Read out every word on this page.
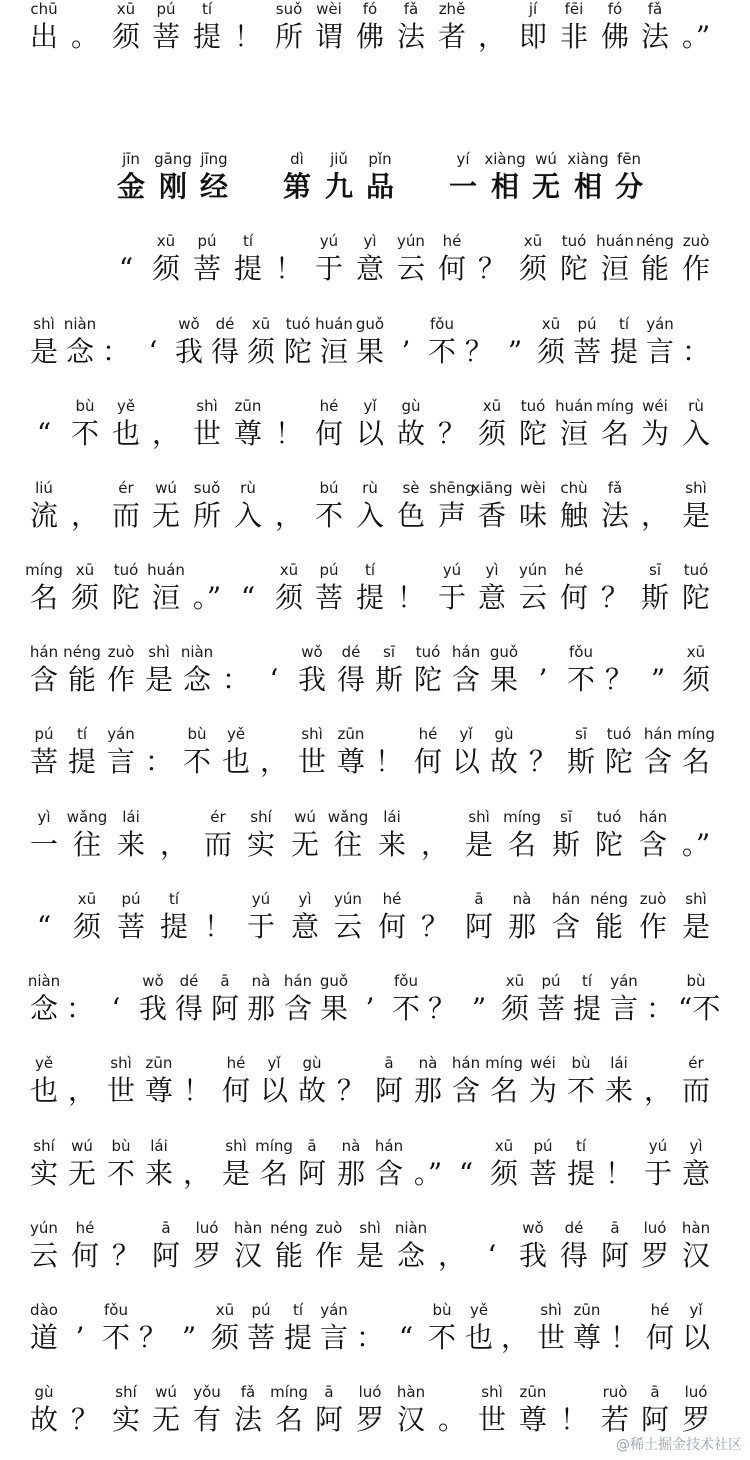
chū
出 。
xū
须
pú
菩
tí
提 ！
suǒ
所
wèi
谓
fó
佛
fǎ
法
zhě
者 ，
jí
即
fēi
非
fó
佛
fǎ
法 。”
jīn
金
gāng
刚
jīng
经
dì
第
jiǔ
九
pǐn
品
yí
一
xiàng
相
wú
无
xiàng
相
fēn
分
“
xū
须
pú
菩
tí
提 ！
yú
于
yì
意
yún
云
hé
何 ？
xū
须
tuó
陀
huán
洹
néng
能
zuò
作
shì
是
niàn
念 ： ‘
wǒ
我
dé
得
xū
须
tuó
陀
huán
洹
guǒ
果 ’
fǒu
不 ？ ”
xū
须
pú
菩
tí
提
yán
言 ：
“
bù
不
yě
也 ，
shì
世
zūn
尊 ！
hé
何
yǐ
以
gù
故 ？
xū
须
tuó
陀
huán
洹
míng
名
wéi
为
rù
入
liú
流 ，
ér
而
wú
无
suǒ
所
rù
入 ，
bú
不
rù
入
sè
色
shēng
声
xiāng
香
wèi
味
chù
触
fǎ
法 ，
shì
是
míng
名
xū
须
tuó
陀
huán
洹 。” “
xū
须
pú
菩
tí
提 ！
yú
于
yì
意
yún
云
hé
何 ？
sī
斯
tuó
陀
hán
含
néng
能
zuò
作
shì
是
niàn
念 ： ‘
wǒ
我
dé
得
sī
斯
tuó
陀
hán
含
guǒ
果 ’
fǒu
不 ？ ”
xū
须
pú
菩
tí
提
yán
言 ：
bù
不
yě
也 ，
shì
世
zūn
尊 ！
hé
何
yǐ
以
gù
故 ？
sī
斯
tuó
陀
hán
含
míng
名
yì
一
wǎng
往
lái
来 ，
ér
而
shí
实
wú
无
wǎng
往
lái
来 ，
shì
是
míng
名
sī
斯
tuó
陀
hán
含 。”
“
xū
须
pú
菩
tí
提 ！
yú
于
yì
意
yún
云
hé
何 ？
ā
阿
nà
那
hán
含
néng
能
zuò
作
shì
是
niàn
念 ： ‘
wǒ
我
dé
得
ā
阿
nà
那
hán
含
guǒ
果 ’
fǒu
不 ？ ”
xū
须
pú
菩
tí
提
yán
言 ：
bù
“不
yě
也 ，
shì
世
zūn
尊 ！
hé
何
yǐ
以
gù
故 ？
ā
阿
nà
那
hán
含
míng
名
wéi
为
bù
不
lái
来 ，
ér
而
shí
实
wú
无
bù
不
lái
来 ，
shì
是
míng
名
ā
阿
nà
那
hán
含 。” “
xū
须
pú
菩
tí
提 ！
yú
于
yì
意
yún
云
hé
何 ？
ā
阿
luó
罗
hàn
汉
néng
能
zuò
作
shì
是
niàn
念 ， ‘
wǒ
我
dé
得
ā
阿
luó
罗
hàn
汉
dào
道 ’
fǒu
不 ？ ”
xū
须
pú
菩
tí
提
yán
言 ： “
bù
不
yě
也 ，
shì
世
zūn
尊 ！
hé
何
yǐ
以
gù
故 ？
shí
实
wú
无
yǒu
有
fǎ
法
míng
名
ā
阿
luó
罗
hàn
汉 。
shì
世
zūn
尊 ！
ruò
若
ā
阿
luó
罗
@稀土掘金技术社区
